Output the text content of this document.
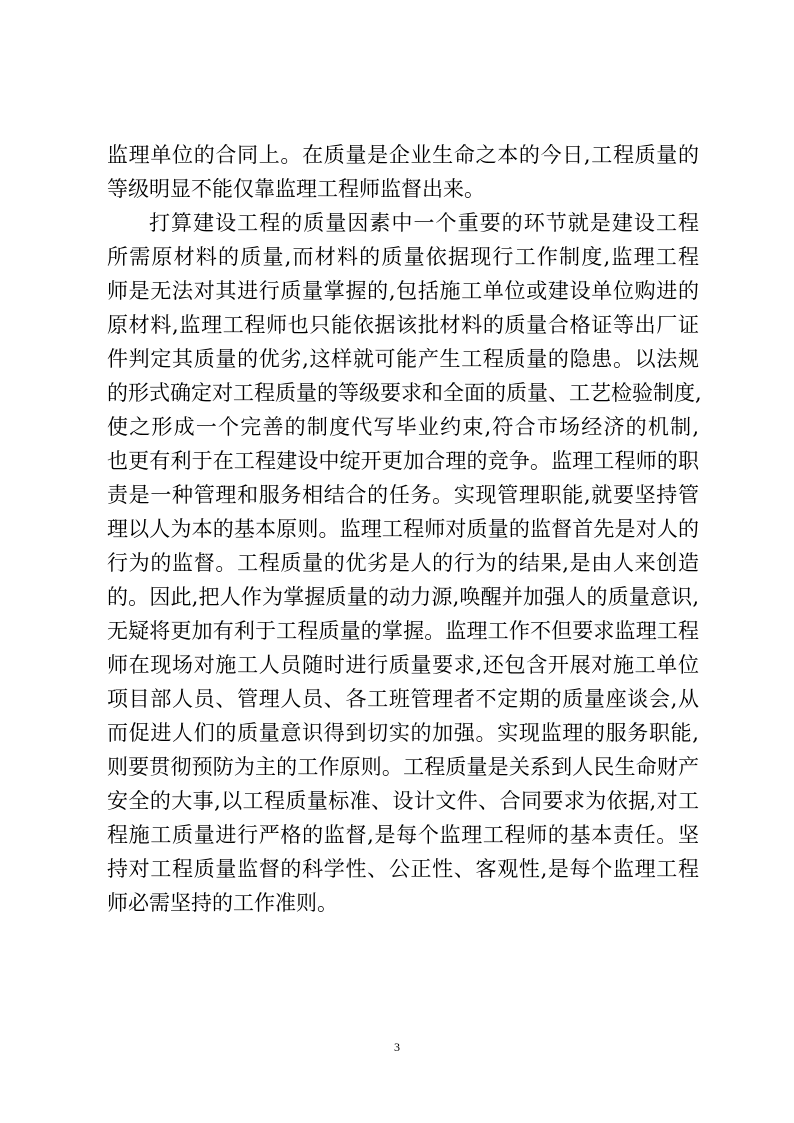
监理单位的合同上。在质量是企业生命之本的今日,工程质量的
等级明显不能仅靠监理工程师监督出来。
打算建设工程的质量因素中一个重要的环节就是建设工程
所需原材料的质量,而材料的质量依据现行工作制度,监理工程
师是无法对其进行质量掌握的,包括施工单位或建设单位购进的
原材料,监理工程师也只能依据该批材料的质量合格证等出厂证
件判定其质量的优劣,这样就可能产生工程质量的隐患。以法规
的形式确定对工程质量的等级要求和全面的质量、工艺检验制度,
使之形成一个完善的制度代写毕业约束,符合市场经济的机制,
也更有利于在工程建设中绽开更加合理的竞争。监理工程师的职
责是一种管理和服务相结合的任务。实现管理职能,就要坚持管
理以人为本的基本原则。监理工程师对质量的监督首先是对人的
行为的监督。工程质量的优劣是人的行为的结果,是由人来创造
的。因此,把人作为掌握质量的动力源,唤醒并加强人的质量意识,
无疑将更加有利于工程质量的掌握。监理工作不但要求监理工程
师在现场对施工人员随时进行质量要求,还包含开展对施工单位
项目部人员、管理人员、各工班管理者不定期的质量座谈会,从
而促进人们的质量意识得到切实的加强。实现监理的服务职能,
则要贯彻预防为主的工作原则。工程质量是关系到人民生命财产
安全的大事,以工程质量标准、设计文件、合同要求为依据,对工
程施工质量进行严格的监督,是每个监理工程师的基本责任。坚
持对工程质量监督的科学性、公正性、客观性,是每个监理工程
师必需坚持的工作准则。
3
